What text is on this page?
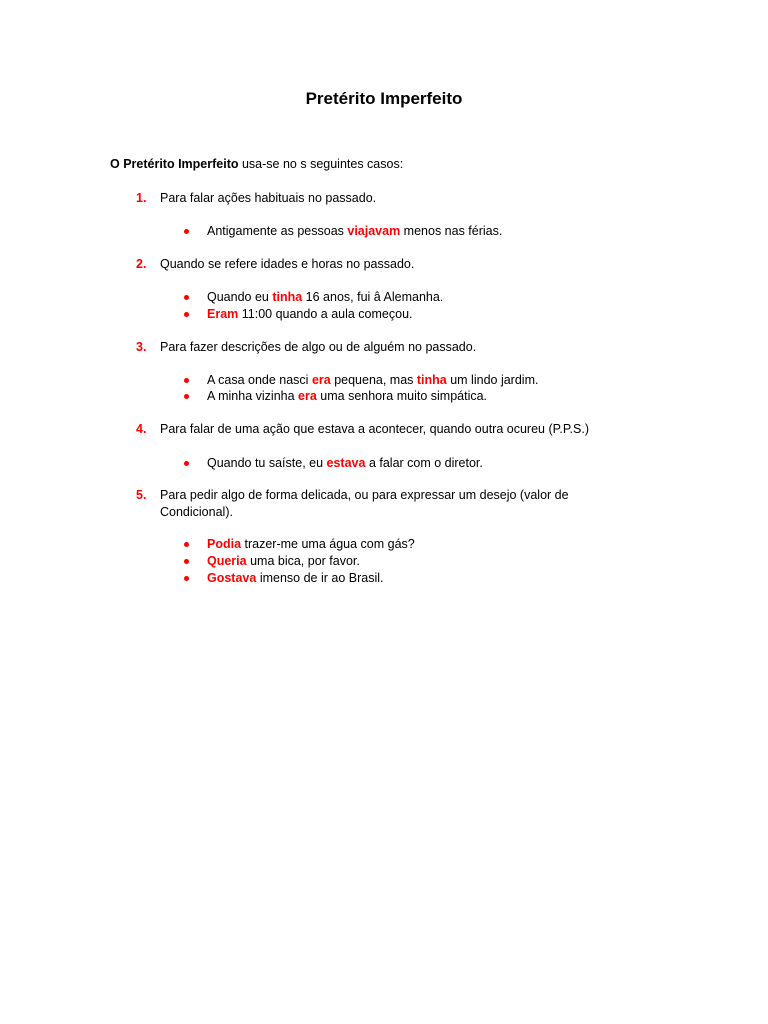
Pretérito Imperfeito

O Pretérito Imperfeito usa-se no s seguintes casos:

1. Para falar ações habituais no passado.

Antigamente as pessoas viajavam menos nas férias.

2. Quando se refere idades e horas no passado.

Quando eu tinha 16 anos, fui â Alemanha.

Eram 11:00 quando a aula começou.

3. Para fazer descrições de algo ou de alguém no passado.

A casa onde nasci era pequena, mas tinha um lindo jardim.

A minha vizinha era uma senhora muito simpática.

4. Para falar de uma ação que estava a acontecer, quando outra ocureu (P.P.S.)

Quando tu saíste, eu estava a falar com o diretor.

5. Para pedir algo de forma delicada, ou para expressar um desejo (valor de Condicional).

Podia trazer-me uma água com gás?

Queria uma bica, por favor.

Gostava imenso de ir ao Brasil.
